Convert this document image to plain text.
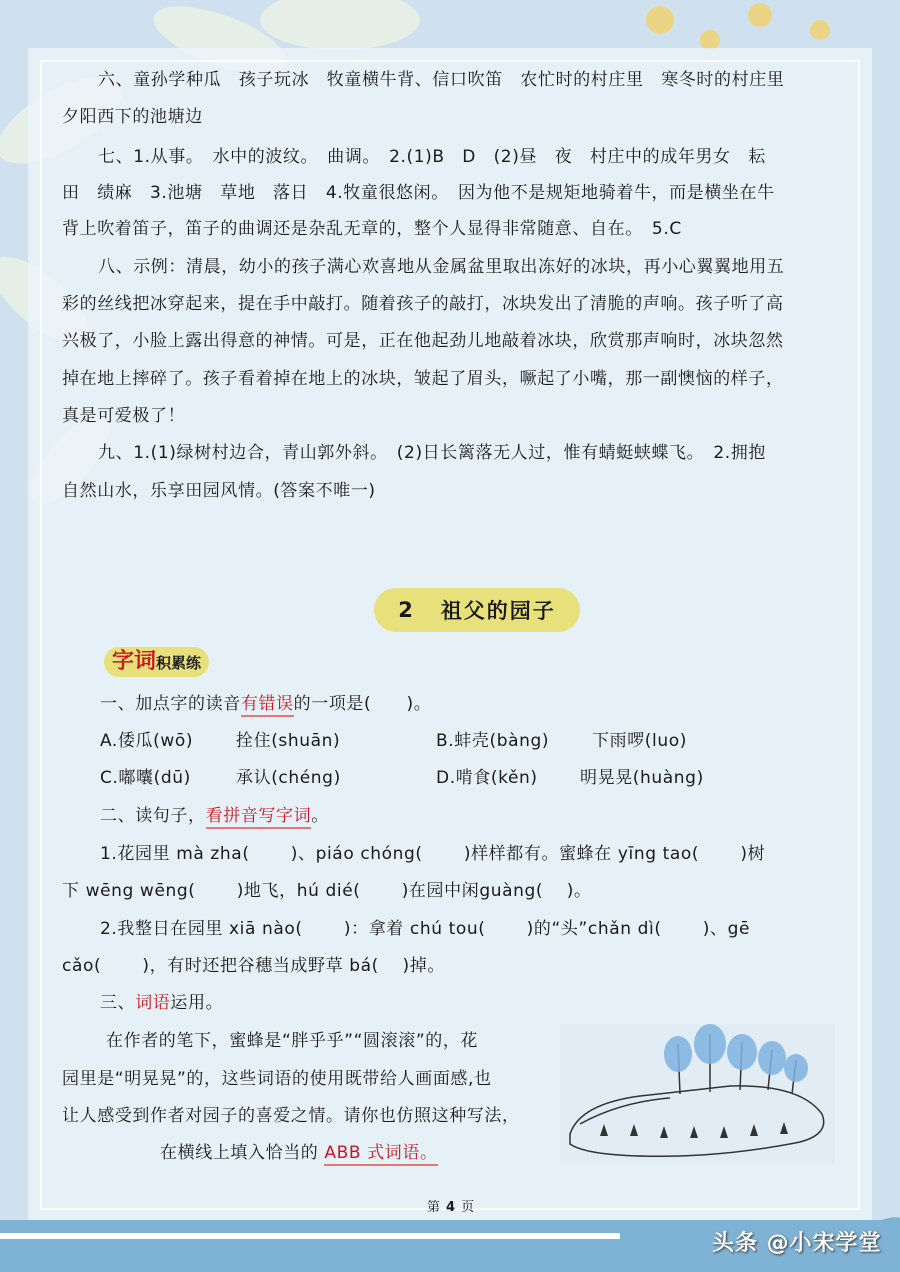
六、童孙学种瓜　孩子玩冰　牧童横牛背、信口吹笛　农忙时的村庄里　寒冬时的村庄里
夕阳西下的池塘边
七、1.从事。　水中的波纹。　曲调。　2.(1)B　D　(2)昼　夜　村庄中的成年男女　耘
田　绩麻　3.池塘　草地　落日　4.牧童很悠闲。　因为他不是规矩地骑着牛，而是横坐在牛
背上吹着笛子，笛子的曲调还是杂乱无章的，整个人显得非常随意、自在。　5.C
八、示例：清晨，幼小的孩子满心欢喜地从金属盆里取出冻好的冰块，再小心翼翼地用五
彩的丝线把冰穿起来，提在手中敲打。随着孩子的敲打，冰块发出了清脆的声响。孩子听了高
兴极了，小脸上露出得意的神情。可是，正在他起劲儿地敲着冰块，欣赏那声响时，冰块忽然
掉在地上摔碎了。孩子看着掉在地上的冰块，皱起了眉头，噘起了小嘴，那一副懊恼的样子，
真是可爱极了！
九、1.(1)绿树村边合，青山郭外斜。　(2)日长篱落无人过，惟有蜻蜓蛱蝶飞。　2.拥抱
自然山水，乐享田园风情。(答案不唯一)
2 祖父的园子
字词 积累练
一、加点字的读音有错误的一项是(　　)。
A.倭瓜(wō)	拴住(shuān)	B.蚌壳(bàng)	下雨啰(luo)
C.嘟囔(dū)	承认(chéng)	D.啃食(kěn) 明晃晃(huàng)
二、读句子，看拼音写字词。
1.花园里 mà zha(　　 )、piáo chóng(　　 )样样都有。蜜蜂在 yīng tao(　　 )树
下 wēng wēng(　　 )地飞，hú dié(　　 )在园中闲guàng(　 )。
2.我整日在园里 xiā nào(　　 )：拿着 chú tou(　　 )的“头”chǎn dì(　　 )、gē
cǎo(　　 )，有时还把谷穗当成野草 bá(　 )掉。
三、词语运用。
在作者的笔下，蜜蜂是“胖乎乎”“圆滚滚”的，花
园里是“明晃晃”的，这些词语的使用既带给人画面感,也
让人感受到作者对园子的喜爱之情。请你也仿照这种写法，
在横线上填入恰当的 ABB 式词语。
第 4 页
头条 @小宋学堂
